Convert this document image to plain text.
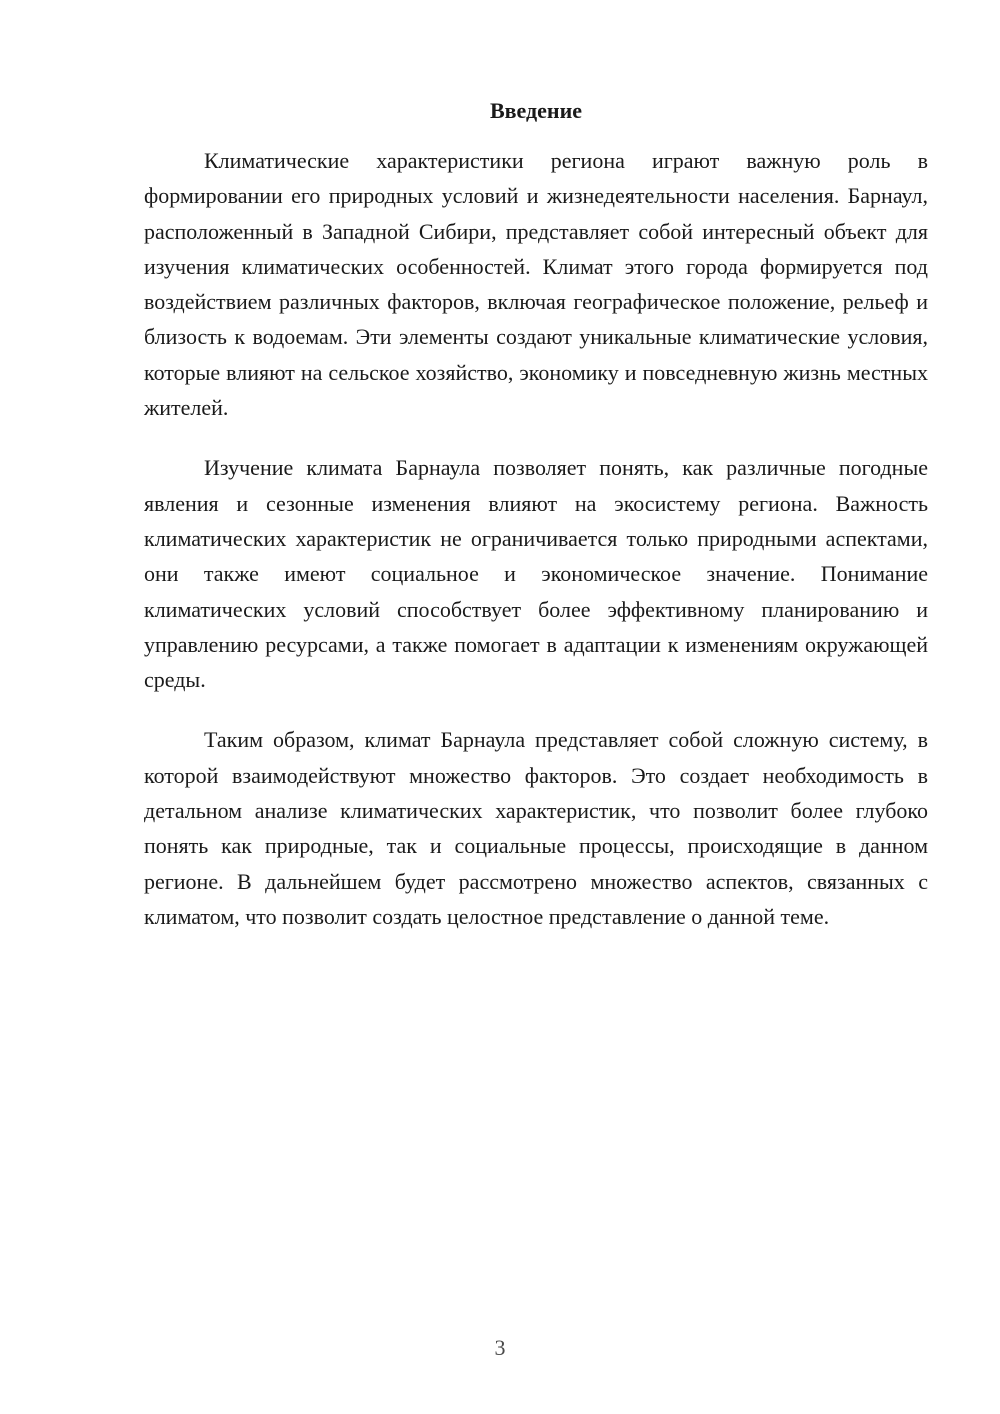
Введение

Климатические характеристики региона играют важную роль в формировании его природных условий и жизнедеятельности населения. Барнаул, расположенный в Западной Сибири, представляет собой интересный объект для изучения климатических особенностей. Климат этого города формируется под воздействием различных факторов, включая географическое положение, рельеф и близость к водоемам. Эти элементы создают уникальные климатические условия, которые влияют на сельское хозяйство, экономику и повседневную жизнь местных жителей.

Изучение климата Барнаула позволяет понять, как различные погодные явления и сезонные изменения влияют на экосистему региона. Важность климатических характеристик не ограничивается только природными аспектами, они также имеют социальное и экономическое значение. Понимание климатических условий способствует более эффективному планированию и управлению ресурсами, а также помогает в адаптации к изменениям окружающей среды.

Таким образом, климат Барнаула представляет собой сложную систему, в которой взаимодействуют множество факторов. Это создает необходимость в детальном анализе климатических характеристик, что позволит более глубоко понять как природные, так и социальные процессы, происходящие в данном регионе. В дальнейшем будет рассмотрено множество аспектов, связанных с климатом, что позволит создать целостное представление о данной теме.

3
